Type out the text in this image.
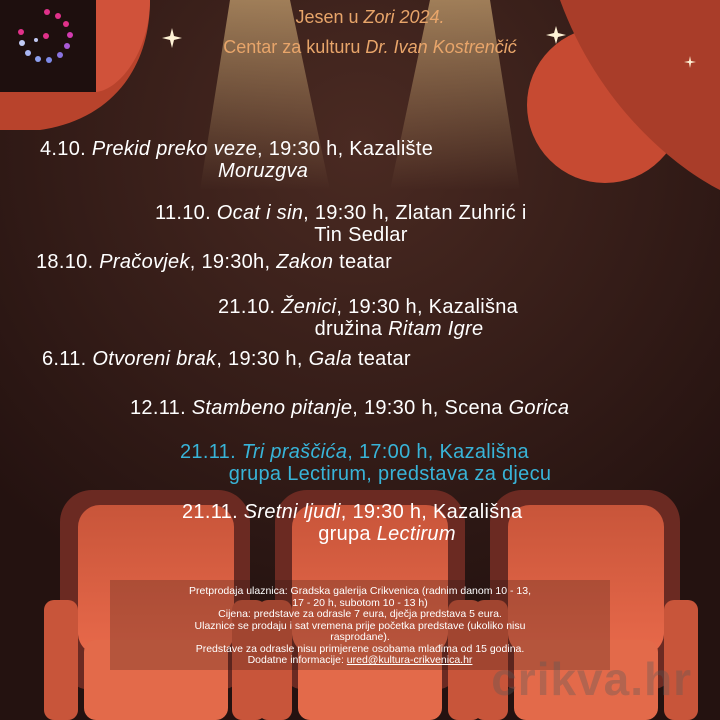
Jesen u Zori 2024.
Centar za kulturu Dr. Ivan Kostrenčić
4.10. Prekid preko veze, 19:30 h, Kazalište
Moruzgva
11.10. Ocat i sin, 19:30 h, Zlatan Zuhrić i
Tin Sedlar
18.10. Pračovjek, 19:30h, Zakon teatar
21.10. Ženici, 19:30 h, Kazališna
družina Ritam Igre
6.11. Otvoreni brak, 19:30 h, Gala teatar
12.11. Stambeno pitanje, 19:30 h, Scena Gorica
21.11. Tri praščića, 17:00 h, Kazališna
grupa Lectirum, predstava za djecu
21.11. Sretni ljudi, 19:30 h, Kazališna
grupa Lectirum
Pretprodaja ulaznica: Gradska galerija Crikvenica (radnim danom 10 - 13,
17 - 20 h, subotom 10 - 13 h)
Cijena: predstave za odrasle 7 eura, dječja predstava 5 eura.
Ulaznice se prodaju i sat vremena prije početka predstave (ukoliko nisu
rasprodane).
Predstave za odrasle nisu primjerene osobama mlađima od 15 godina.
Dodatne informacije: ured@kultura-crikvenica.hr crikva.hr
